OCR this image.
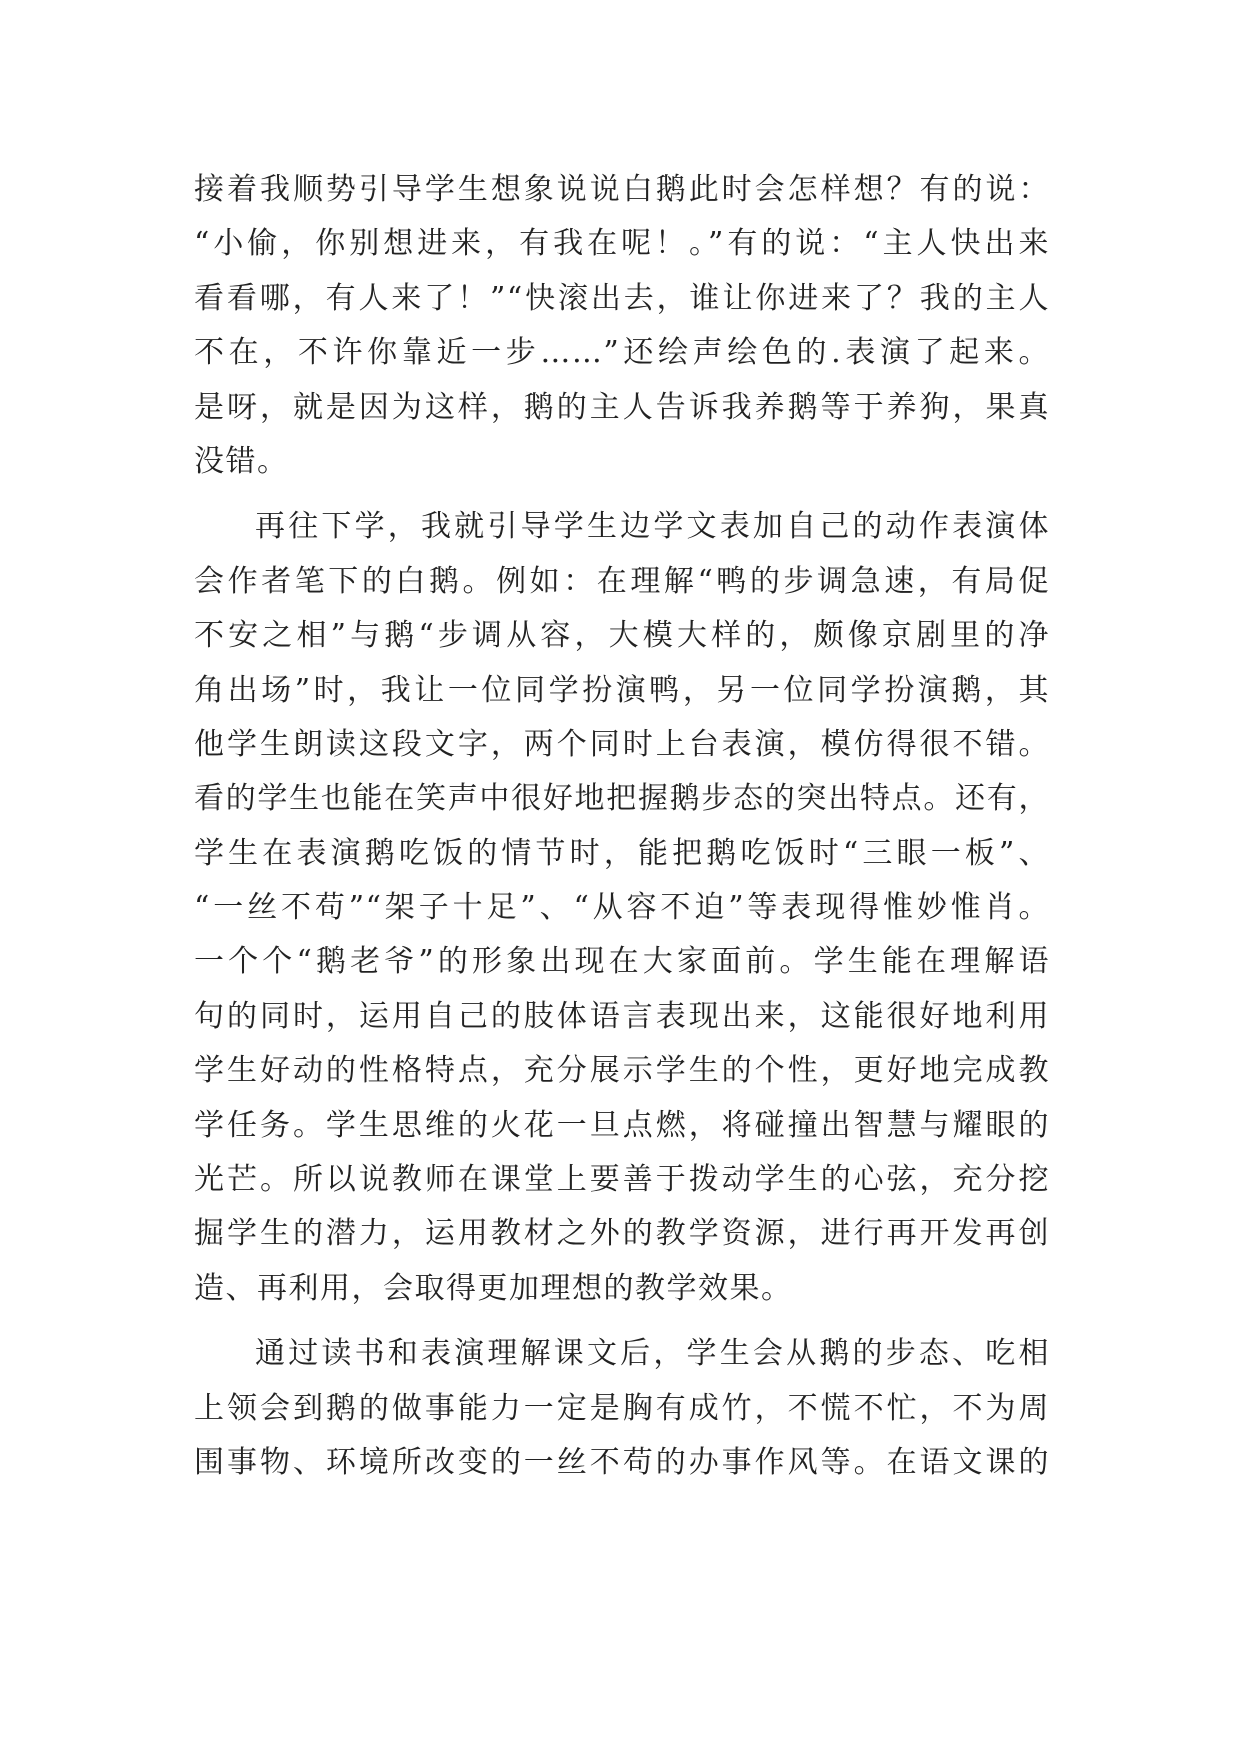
接着我顺势引导学生想象说说白鹅此时会怎样想？有的说：
“小偷，你别想进来，有我在呢！。”有的说：“主人快出来
看看哪，有人来了！”“快滚出去，谁让你进来了？我的主人
不在，不许你靠近一步……”还绘声绘色的.表演了起来。
是呀，就是因为这样，鹅的主人告诉我养鹅等于养狗，果真
没错。
再往下学，我就引导学生边学文表加自己的动作表演体
会作者笔下的白鹅。例如：在理解“鸭的步调急速，有局促
不安之相”与鹅“步调从容，大模大样的，颇像京剧里的净
角出场”时，我让一位同学扮演鸭，另一位同学扮演鹅，其
他学生朗读这段文字，两个同时上台表演，模仿得很不错。
看的学生也能在笑声中很好地把握鹅步态的突出特点。还有，
学生在表演鹅吃饭的情节时，能把鹅吃饭时“三眼一板”、
“一丝不苟”“架子十足”、“从容不迫”等表现得惟妙惟肖。
一个个“鹅老爷”的形象出现在大家面前。学生能在理解语
句的同时，运用自己的肢体语言表现出来，这能很好地利用
学生好动的性格特点，充分展示学生的个性，更好地完成教
学任务。学生思维的火花一旦点燃，将碰撞出智慧与耀眼的
光芒。所以说教师在课堂上要善于拨动学生的心弦，充分挖
掘学生的潜力，运用教材之外的教学资源，进行再开发再创
造、再利用，会取得更加理想的教学效果。
通过读书和表演理解课文后，学生会从鹅的步态、吃相
上领会到鹅的做事能力一定是胸有成竹，不慌不忙，不为周
围事物、环境所改变的一丝不苟的办事作风等。在语文课的
